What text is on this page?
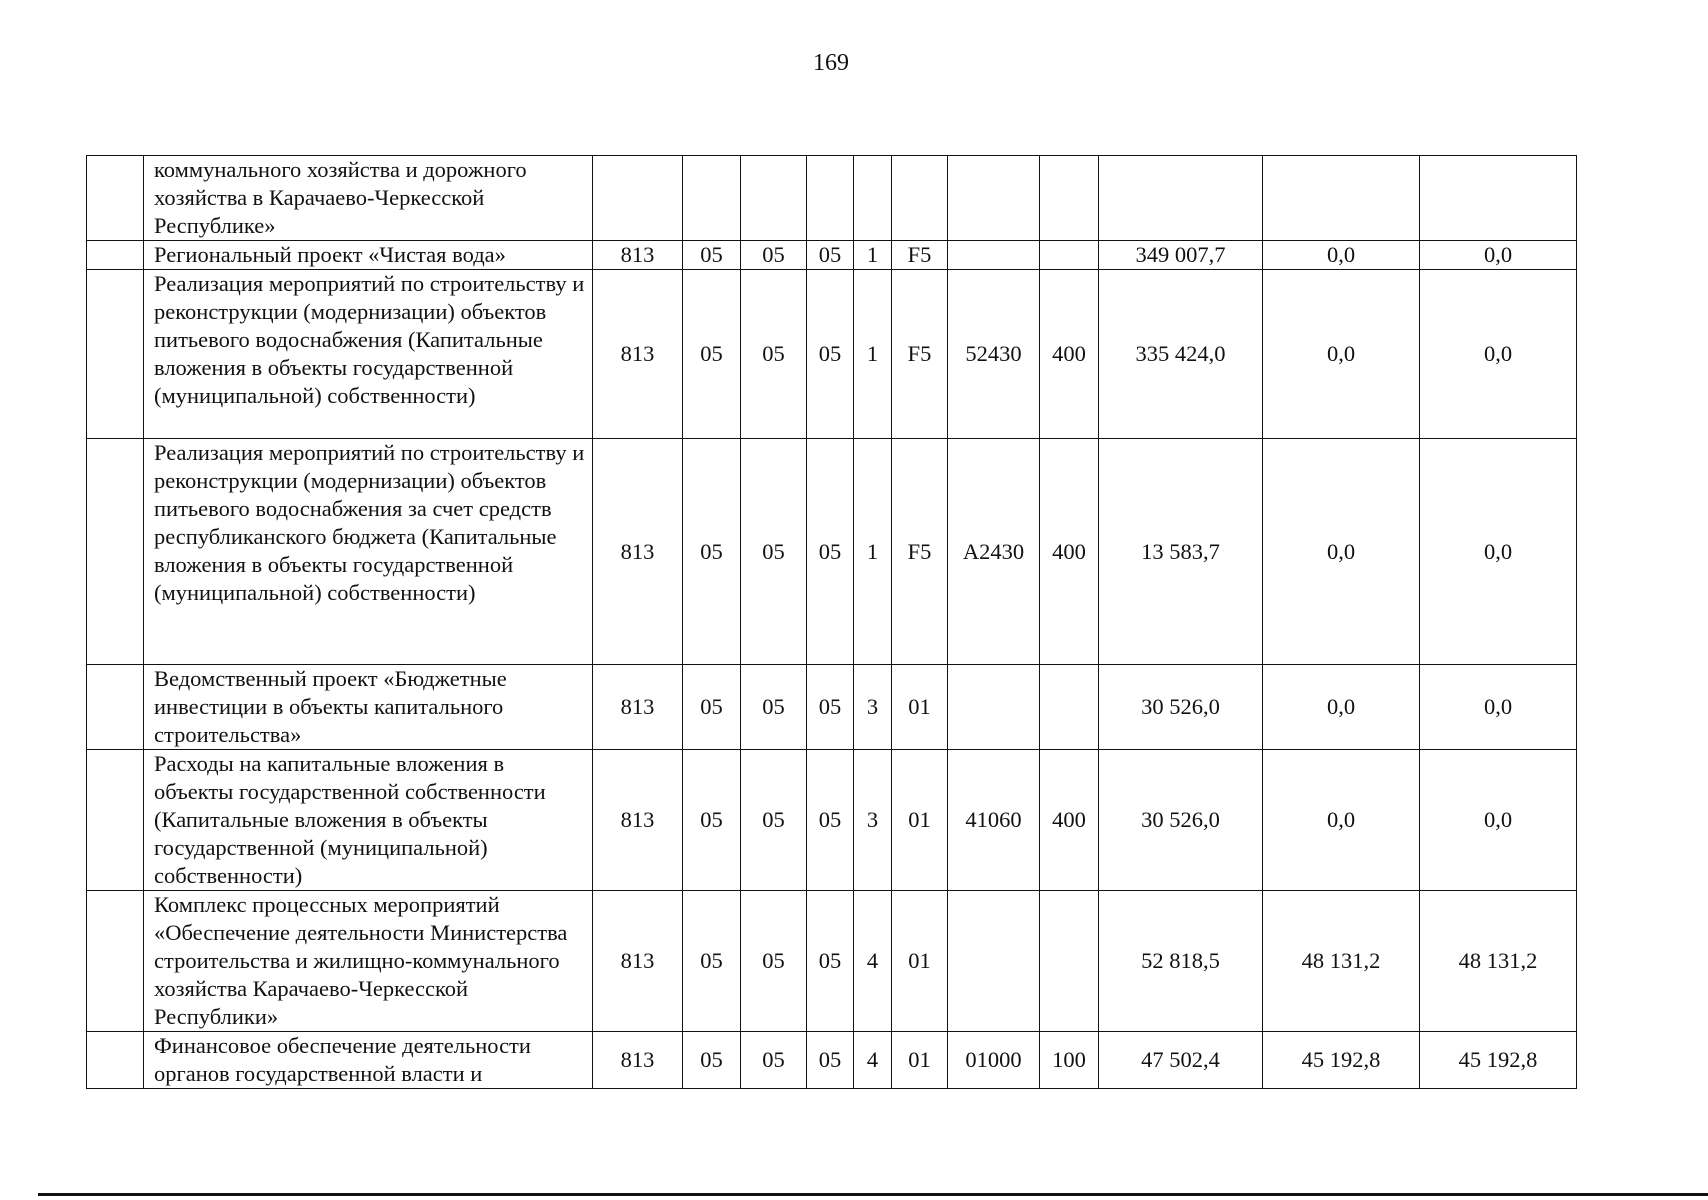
169
	коммунального хозяйства и дорожного хозяйства в Карачаево-Черкесской Республике»											
	Региональный проект «Чистая вода»	813	05	05	05	1	F5			349 007,7	0,0	0,0
	Реализация мероприятий по строительству и реконструкции (модернизации) объектов питьевого водоснабжения (Капитальные вложения в объекты государственной (муниципальной) собственности)	813	05	05	05	1	F5	52430	400	335 424,0	0,0	0,0
	Реализация мероприятий по строительству и реконструкции (модернизации) объектов питьевого водоснабжения за счет средств республиканского бюджета (Капитальные вложения в объекты государственной (муниципальной) собственности)	813	05	05	05	1	F5	A2430	400	13 583,7	0,0	0,0
	Ведомственный проект «Бюджетные инвестиции в объекты капитального строительства»	813	05	05	05	3	01			30 526,0	0,0	0,0
	Расходы на капитальные вложения в объекты государственной собственности (Капитальные вложения в объекты государственной (муниципальной) собственности)	813	05	05	05	3	01	41060	400	30 526,0	0,0	0,0
	Комплекс процессных мероприятий «Обеспечение деятельности Министерства строительства и жилищно-коммунального хозяйства Карачаево-Черкесской Республики»	813	05	05	05	4	01			52 818,5	48 131,2	48 131,2
	Финансовое обеспечение деятельности органов государственной власти и	813	05	05	05	4	01	01000	100	47 502,4	45 192,8	45 192,8
